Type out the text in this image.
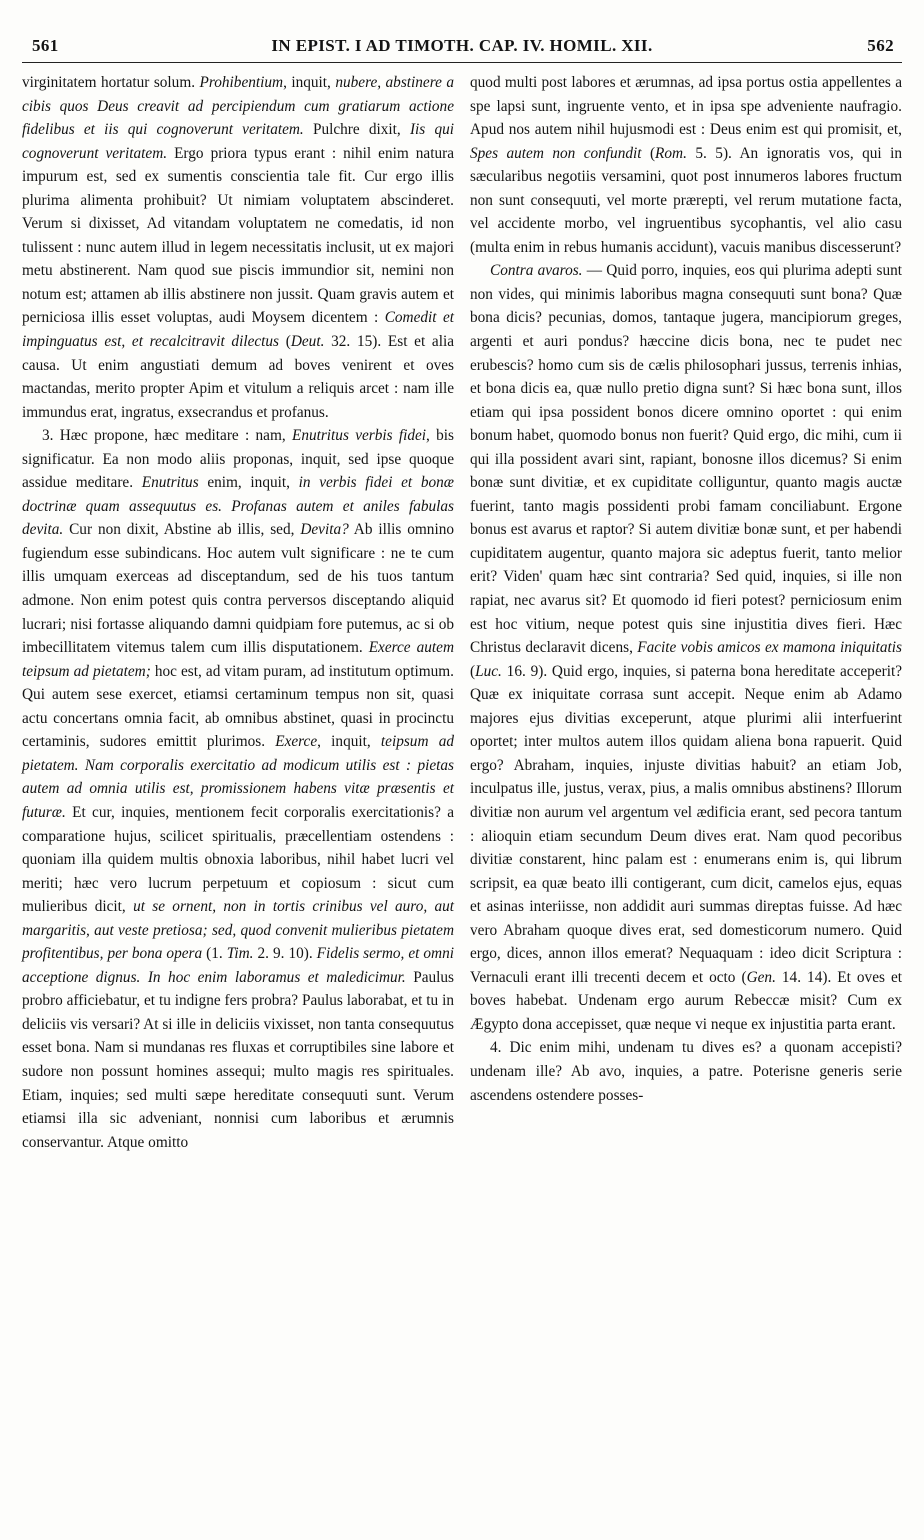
561	IN EPIST. I AD TIMOTH. CAP. IV. HOMIL. XII.	562

virginitatem hortatur solum. Prohibentium, inquit, nubere, abstinere a cibis quos Deus creavit ad percipiendum cum gratiarum actione fidelibus et iis qui cognoverunt veritatem. Pulchre dixit, Iis qui cognoverunt veritatem. Ergo priora typus erant : nihil enim natura impurum est, sed ex sumentis conscientia tale fit. Cur ergo illis plurima alimenta prohibuit? Ut nimiam voluptatem abscinderet. Verum si dixisset, Ad vitandam voluptatem ne comedatis, id non tulissent : nunc autem illud in legem necessitatis inclusit, ut ex majori metu abstinerent. Nam quod sue piscis immundior sit, nemini non notum est; attamen ab illis abstinere non jussit. Quam gravis autem et perniciosa illis esset voluptas, audi Moysem dicentem : Comedit et impinguatus est, et recalcitravit dilectus (Deut. 32. 15). Est et alia causa. Ut enim angustiati demum ad boves venirent et oves mactandas, merito propter Apim et vitulum a reliquis arcet : nam ille immundus erat, ingratus, exsecrandus et profanus.

3. Hæc propone, hæc meditare : nam, Enutritus verbis fidei, bis significatur. Ea non modo aliis proponas, inquit, sed ipse quoque assidue meditare. Enutritus enim, inquit, in verbis fidei et bonæ doctrinæ quam assequutus es. Profanas autem et aniles fabulas devita. Cur non dixit, Abstine ab illis, sed, Devita? Ab illis omnino fugiendum esse subindicans. Hoc autem vult significare : ne te cum illis umquam exerceas ad disceptandum, sed de his tuos tantum admone. Non enim potest quis contra perversos disceptando aliquid lucrari; nisi fortasse aliquando damni quidpiam fore putemus, ac si ob imbecillitatem vitemus talem cum illis disputationem. Exerce autem teipsum ad pietatem; hoc est, ad vitam puram, ad institutum optimum. Qui autem sese exercet, etiamsi certaminum tempus non sit, quasi actu concertans omnia facit, ab omnibus abstinet, quasi in procinctu certaminis, sudores emittit plurimos. Exerce, inquit, teipsum ad pietatem. Nam corporalis exercitatio ad modicum utilis est : pietas autem ad omnia utilis est, promissionem habens vitæ præsentis et futuræ. Et cur, inquies, mentionem fecit corporalis exercitationis? a comparatione hujus, scilicet spiritualis, præcellentiam ostendens : quoniam illa quidem multis obnoxia laboribus, nihil habet lucri vel meriti; hæc vero lucrum perpetuum et copiosum : sicut cum mulieribus dicit, ut se ornent, non in tortis crinibus vel auro, aut margaritis, aut veste pretiosa; sed, quod convenit mulieribus pietatem profitentibus, per bona opera (1. Tim. 2. 9. 10). Fidelis sermo, et omni acceptione dignus. In hoc enim laboramus et maledicimur. Paulus probro afficiebatur, et tu indigne fers probra? Paulus laborabat, et tu in deliciis vis versari? At si ille in deliciis vixisset, non tanta consequutus esset bona. Nam si mundanas res fluxas et corruptibiles sine labore et sudore non possunt homines assequi; multo magis res spirituales. Etiam, inquies; sed multi sæpe hereditate consequuti sunt. Verum etiamsi illa sic adveniant, nonnisi cum laboribus et ærumnis conservantur. Atque omitto

quod multi post labores et ærumnas, ad ipsa portus ostia appellentes a spe lapsi sunt, ingruente vento, et in ipsa spe adveniente naufragio. Apud nos autem nihil hujusmodi est : Deus enim est qui promisit, et, Spes autem non confundit (Rom. 5. 5). An ignoratis vos, qui in sæcularibus negotiis versamini, quot post innumeros labores fructum non sunt consequuti, vel morte prærepti, vel rerum mutatione facta, vel accidente morbo, vel ingruentibus sycophantis, vel alio casu (multa enim in rebus humanis accidunt), vacuis manibus discesserunt?

Contra avaros. — Quid porro, inquies, eos qui plurima adepti sunt non vides, qui minimis laboribus magna consequuti sunt bona? Quæ bona dicis? pecunias, domos, tantaque jugera, mancipiorum greges, argenti et auri pondus? hæccine dicis bona, nec te pudet nec erubescis? homo cum sis de cælis philosophari jussus, terrenis inhias, et bona dicis ea, quæ nullo pretio digna sunt? Si hæc bona sunt, illos etiam qui ipsa possident bonos dicere omnino oportet : qui enim bonum habet, quomodo bonus non fuerit? Quid ergo, dic mihi, cum ii qui illa possident avari sint, rapiant, bonosne illos dicemus? Si enim bonæ sunt divitiæ, et ex cupiditate colliguntur, quanto magis auctæ fuerint, tanto magis possidenti probi famam conciliabunt. Ergone bonus est avarus et raptor? Si autem divitiæ bonæ sunt, et per habendi cupiditatem augentur, quanto majora sic adeptus fuerit, tanto melior erit? Viden' quam hæc sint contraria? Sed quid, inquies, si ille non rapiat, nec avarus sit? Et quomodo id fieri potest? perniciosum enim est hoc vitium, neque potest quis sine injustitia dives fieri. Hæc Christus declaravit dicens, Facite vobis amicos ex mamona iniquitatis (Luc. 16. 9). Quid ergo, inquies, si paterna bona hereditate acceperit? Quæ ex iniquitate corrasa sunt accepit. Neque enim ab Adamo majores ejus divitias exceperunt, atque plurimi alii interfuerint oportet; inter multos autem illos quidam aliena bona rapuerit. Quid ergo? Abraham, inquies, injuste divitias habuit? an etiam Job, inculpatus ille, justus, verax, pius, a malis omnibus abstinens? Illorum divitiæ non aurum vel argentum vel ædificia erant, sed pecora tantum : alioquin etiam secundum Deum dives erat. Nam quod pecoribus divitiæ constarent, hinc palam est : enumerans enim is, qui librum scripsit, ea quæ beato illi contigerant, cum dicit, camelos ejus, equas et asinas interiisse, non addidit auri summas direptas fuisse. Ad hæc vero Abraham quoque dives erat, sed domesticorum numero. Quid ergo, dices, annon illos emerat? Nequaquam : ideo dicit Scriptura : Vernaculi erant illi trecenti decem et octo (Gen. 14. 14). Et oves et boves habebat. Undenam ergo aurum Rebeccæ misit? Cum ex Ægypto dona accepisset, quæ neque vi neque ex injustitia parta erant.

4. Dic enim mihi, undenam tu dives es? a quonam accepisti? undenam ille? Ab avo, inquies, a patre. Poterisne generis serie ascendens ostendere posses-
